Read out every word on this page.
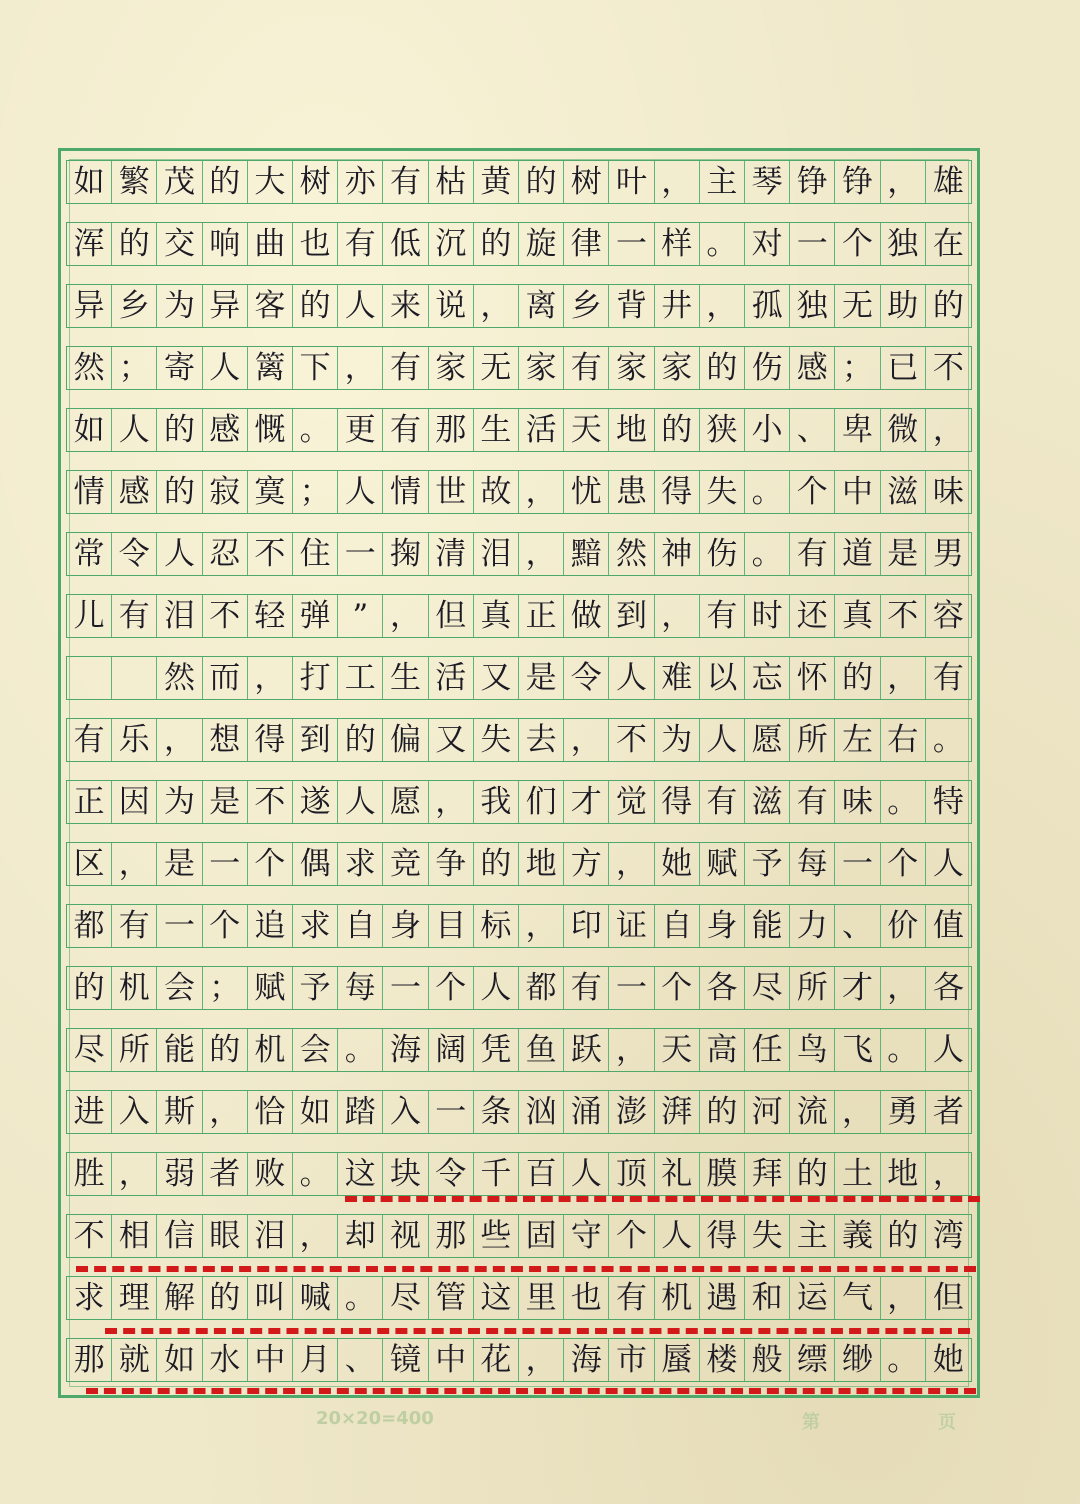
如 繁 茂 的 大 树 亦 有 枯 黄 的 树 叶 ， 主 琴 铮 铮 ， 雄
浑 的 交 响 曲 也 有 低 沉 的 旋 律 一 样 。 对 一 个 独 在
异 乡 为 异 客 的 人 来 说 ， 离 乡 背 井 ， 孤 独 无 助 的
然 ； 寄 人 篱 下 ， 有 家 无 家 有 家 家 的 伤 感 ； 已 不
如 人 的 感 慨 。 更 有 那 生 活 天 地 的 狭 小 、 卑 微 ，
情 感 的 寂 寞 ； 人 情 世 故 ， 忧 患 得 失 。 个 中 滋 味
常 令 人 忍 不 住 一 掬 清 泪 ， 黯 然 神 伤 。 有 道 是 男
儿 有 泪 不 轻 弹 ” ， 但 真 正 做 到 ， 有 时 还 真 不 容
然 而 ， 打 工 生 活 又 是 令 人 难 以 忘 怀 的 ， 有
有 乐 ， 想 得 到 的 偏 又 失 去 ， 不 为 人 愿 所 左 右 。
正 因 为 是 不 遂 人 愿 ， 我 们 才 觉 得 有 滋 有 味 。 特
区 ， 是 一 个 偶 求 竞 争 的 地 方 ， 她 赋 予 每 一 个 人
都 有 一 个 追 求 自 身 目 标 ， 印 证 自 身 能 力 、 价 值
的 机 会 ； 赋 予 每 一 个 人 都 有 一 个 各 尽 所 才 ， 各
尽 所 能 的 机 会 。 海 阔 凭 鱼 跃 ， 天 高 任 鸟 飞 。 人
进 入 斯 ， 恰 如 踏 入 一 条 汹 涌 澎 湃 的 河 流 ， 勇 者
胜 ， 弱 者 败 。 这 块 令 千 百 人 顶 礼 膜 拜 的 土 地 ，
不 相 信 眼 泪 ， 却 视 那 些 固 守 个 人 得 失 主 義 的 湾
求 理 解 的 叫 喊 。 尽 管 这 里 也 有 机 遇 和 运 气 ， 但
那 就 如 水 中 月 、 镜 中 花 ， 海 市 蜃 楼 般 缥 缈 。 她
20×20=400	第	页
